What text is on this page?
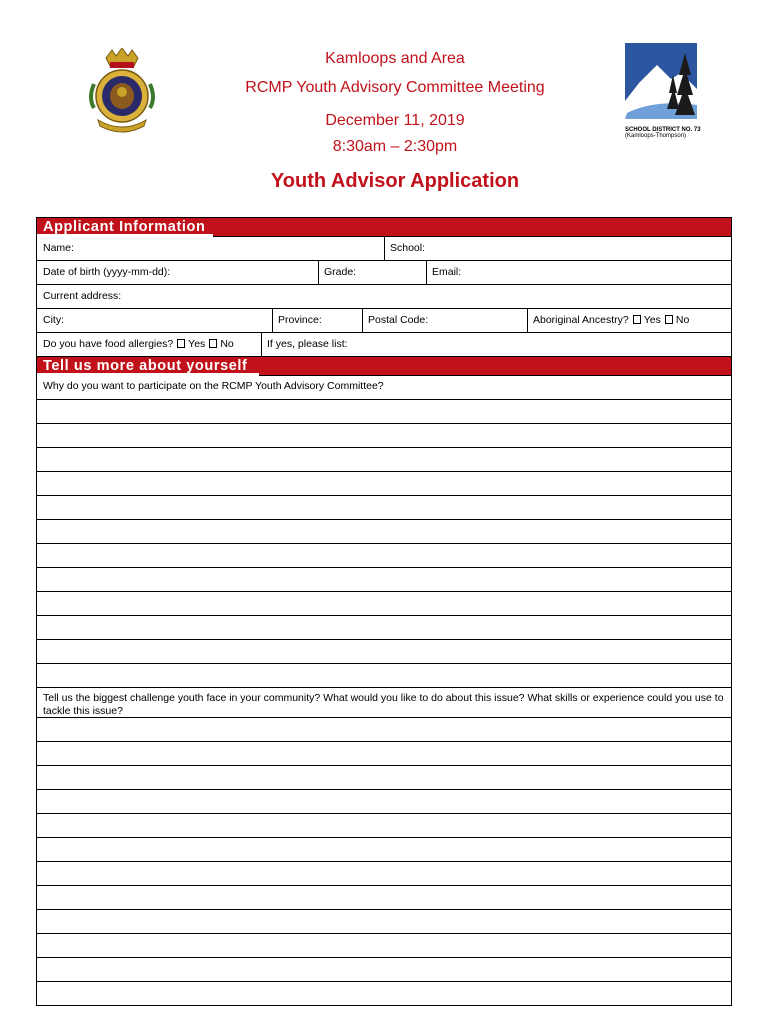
SCHOOL DISTRICT NO. 73
(Kamloops-Thompson)
Kamloops and Area
RCMP Youth Advisory Committee Meeting
December 11, 2019
8:30am – 2:30pm
Youth Advisor Application
Applicant Information
Name:	School:
Date of birth (yyyy-mm-dd):	Grade:	Email:
Current address:
City:	Province:	Postal Code:	Aboriginal Ancestry? Yes No
Do you have food allergies? Yes No	If yes, please list:
Tell us more about yourself
Why do you want to participate on the RCMP Youth Advisory Committee?
Tell us the biggest challenge youth face in your community? What would you like to do about this issue? What skills or experience could you use to tackle this issue?
